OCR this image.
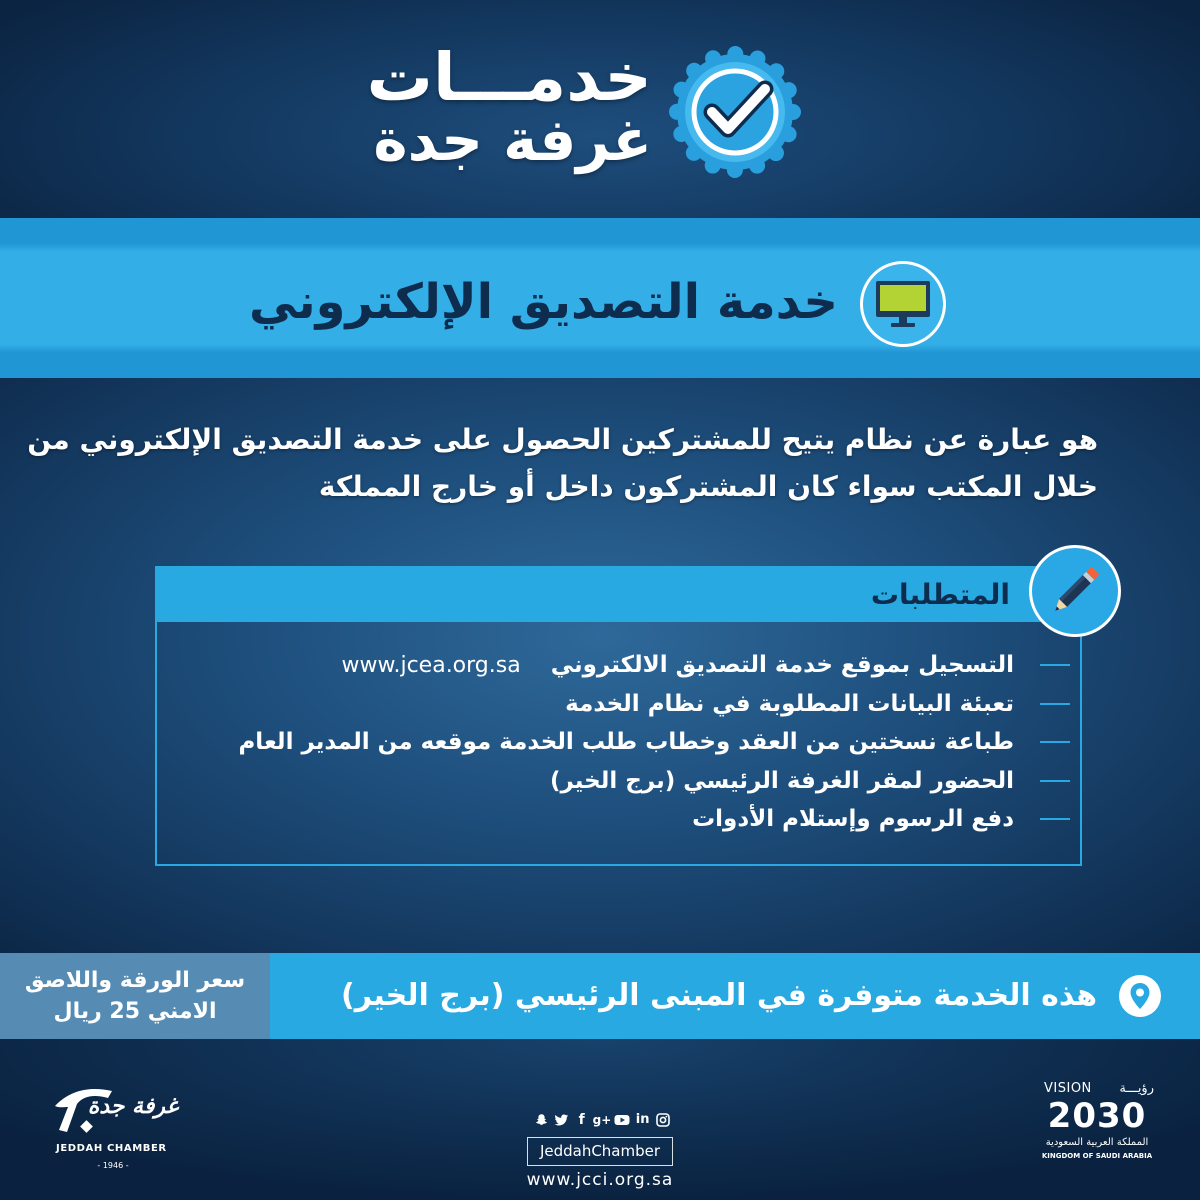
خدمـــات
غرفة جدة
خدمة التصديق الإلكتروني
هو عبارة عن نظام يتيح للمشتركين الحصول على خدمة التصديق الإلكتروني من
خلال المكتب سواء كان المشتركون داخل أو خارج المملكة
المتطلبات
التسجيل بموقع خدمة التصديق الالكتروني
www.jcea.org.sa
تعبئة البيانات المطلوبة في نظام الخدمة
طباعة نسختين من العقد وخطاب طلب الخدمة موقعه من المدير العام
الحضور لمقر الغرفة الرئيسي (برج الخير)
دفع الرسوم وإستلام الأدوات
سعر الورقة واللاصق
الامني 25 ريال	هذه الخدمة متوفرة في المبنى الرئيسي (برج الخير)
غرفة جدة
JEDDAH CHAMBER
- 1946 -
f g+ in
JeddahChamber
www.jcci.org.sa
VISION رؤيـــة
2030
المملكة العربية السعودية
KINGDOM OF SAUDI ARABIA
